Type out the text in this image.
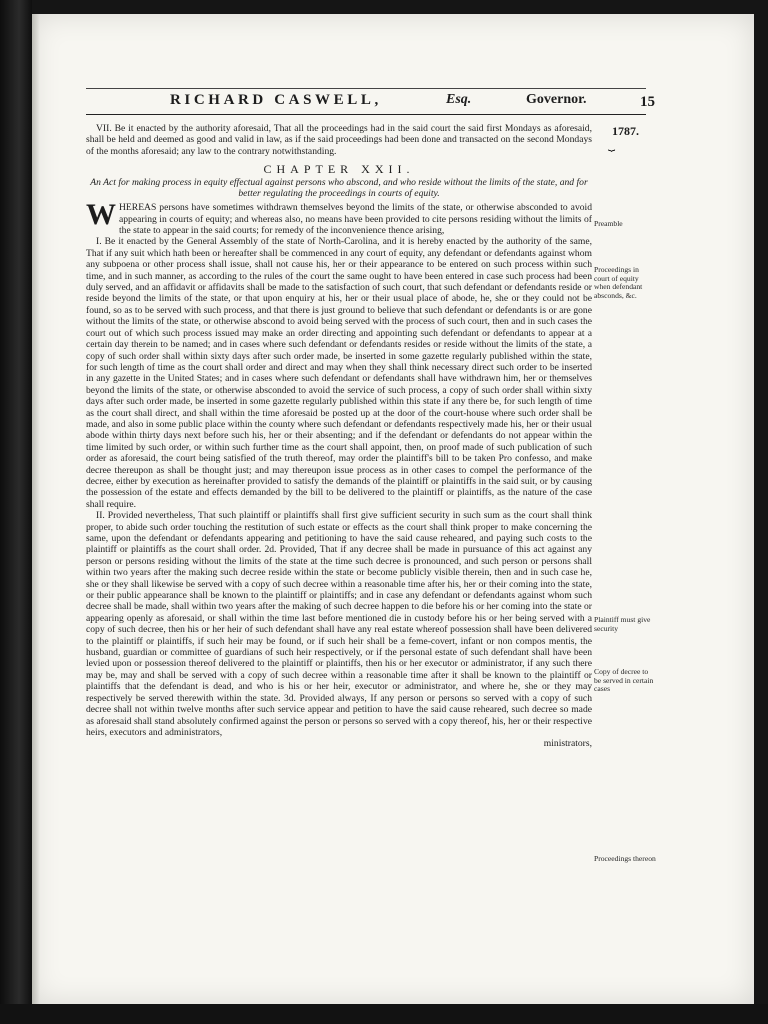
RICHARD CASWELL,	Esq.	Governor.	15
1787.
⏟

VII. Be it enacted by the authority aforesaid, That all the proceedings had in the said court the said first Mondays as aforesaid, shall be held and deemed as good and valid in law, as if the said proceedings had been done and transacted on the second Mondays of the months aforesaid; any law to the contrary notwithstanding.

CHAPTER XXII.
An Act for making process in equity effectual against persons who abscond, and who reside without the limits of the state, and for better regulating the proceedings in courts of equity.

WHEREAS persons have sometimes withdrawn themselves beyond the limits of the state, or otherwise absconded to avoid appearing in courts of equity; and whereas also, no means have been provided to cite persons residing without the limits of the state to appear in the said courts; for remedy of the inconvenience thence arising,

I. Be it enacted by the General Assembly of the state of North-Carolina, and it is hereby enacted by the authority of the same, That if any suit which hath been or hereafter shall be commenced in any court of equity, any defendant or defendants against whom any subpoena or other process shall issue, shall not cause his, her or their appearance to be entered on such process within such time, and in such manner, as according to the rules of the court the same ought to have been entered in case such process had been duly served, and an affidavit or affidavits shall be made to the satisfaction of such court, that such defendant or defendants reside or reside beyond the limits of the state, or that upon enquiry at his, her or their usual place of abode, he, she or they could not be found, so as to be served with such process, and that there is just ground to believe that such defendant or defendants is or are gone without the limits of the state, or otherwise abscond to avoid being served with the process of such court, then and in such cases the court out of which such process issued may make an order directing and appointing such defendant or defendants to appear at a certain day therein to be named; and in cases where such defendant or defendants resides or reside without the limits of the state, a copy of such order shall within sixty days after such order made, be inserted in some gazette regularly published within the state, for such length of time as the court shall order and direct and may when they shall think necessary direct such order to be inserted in any gazette in the United States; and in cases where such defendant or defendants shall have withdrawn him, her or themselves beyond the limits of the state, or otherwise absconded to avoid the service of such process, a copy of such order shall within sixty days after such order made, be inserted in some gazette regularly published within this state if any there be, for such length of time as the court shall direct, and shall within the time aforesaid be posted up at the door of the court-house where such order shall be made, and also in some public place within the county where such defendant or defendants respectively made his, her or their usual abode within thirty days next before such his, her or their absenting; and if the defendant or defendants do not appear within the time limited by such order, or within such further time as the court shall appoint, then, on proof made of such publication of such order as aforesaid, the court being satisfied of the truth thereof, may order the plaintiff's bill to be taken Pro confesso, and make decree thereupon as shall be thought just; and may thereupon issue process as in other cases to compel the performance of the decree, either by execution as hereinafter provided to satisfy the demands of the plaintiff or plaintiffs in the said suit, or by causing the possession of the estate and effects demanded by the bill to be delivered to the plaintiff or plaintiffs, as the nature of the case shall require.

II. Provided nevertheless, That such plaintiff or plaintiffs shall first give sufficient security in such sum as the court shall think proper, to abide such order touching the restitution of such estate or effects as the court shall think proper to make concerning the same, upon the defendant or defendants appearing and petitioning to have the said cause reheared, and paying such costs to the plaintiff or plaintiffs as the court shall order. 2d. Provided, That if any decree shall be made in pursuance of this act against any person or persons residing without the limits of the state at the time such decree is pronounced, and such person or persons shall within two years after the making such decree reside within the state or become publicly visible therein, then and in such case he, she or they shall likewise be served with a copy of such decree within a reasonable time after his, her or their coming into the state, or their public appearance shall be known to the plaintiff or plaintiffs; and in case any defendant or defendants against whom such decree shall be made, shall within two years after the making of such decree happen to die before his or her coming into the state or appearing openly as aforesaid, or shall within the time last before mentioned die in custody before his or her being served with a copy of such decree, then his or her heir of such defendant shall have any real estate whereof possession shall have been delivered to the plaintiff or plaintiffs, if such heir may be found, or if such heir shall be a feme-covert, infant or non compos mentis, the husband, guardian or committee of guardians of such heir respectively, or if the personal estate of such defendant shall have been levied upon or possession thereof delivered to the plaintiff or plaintiffs, then his or her executor or administrator, if any such there may be, may and shall be served with a copy of such decree within a reasonable time after it shall be known to the plaintiff or plaintiffs that the defendant is dead, and who is his or her heir, executor or administrator, and where he, she or they may respectively be served therewith within the state. 3d. Provided always, If any person or persons so served with a copy of such decree shall not within twelve months after such service appear and petition to have the said cause reheared, such decree so made as aforesaid shall stand absolutely confirmed against the person or persons so served with a copy thereof, his, her or their respective heirs, executors and administrators,

ministrators,

Preamble
Proceedings in court of equity when defendant absconds, &c.
Plaintiff must give security
Copy of decree to be served in certain cases
Proceedings thereon
